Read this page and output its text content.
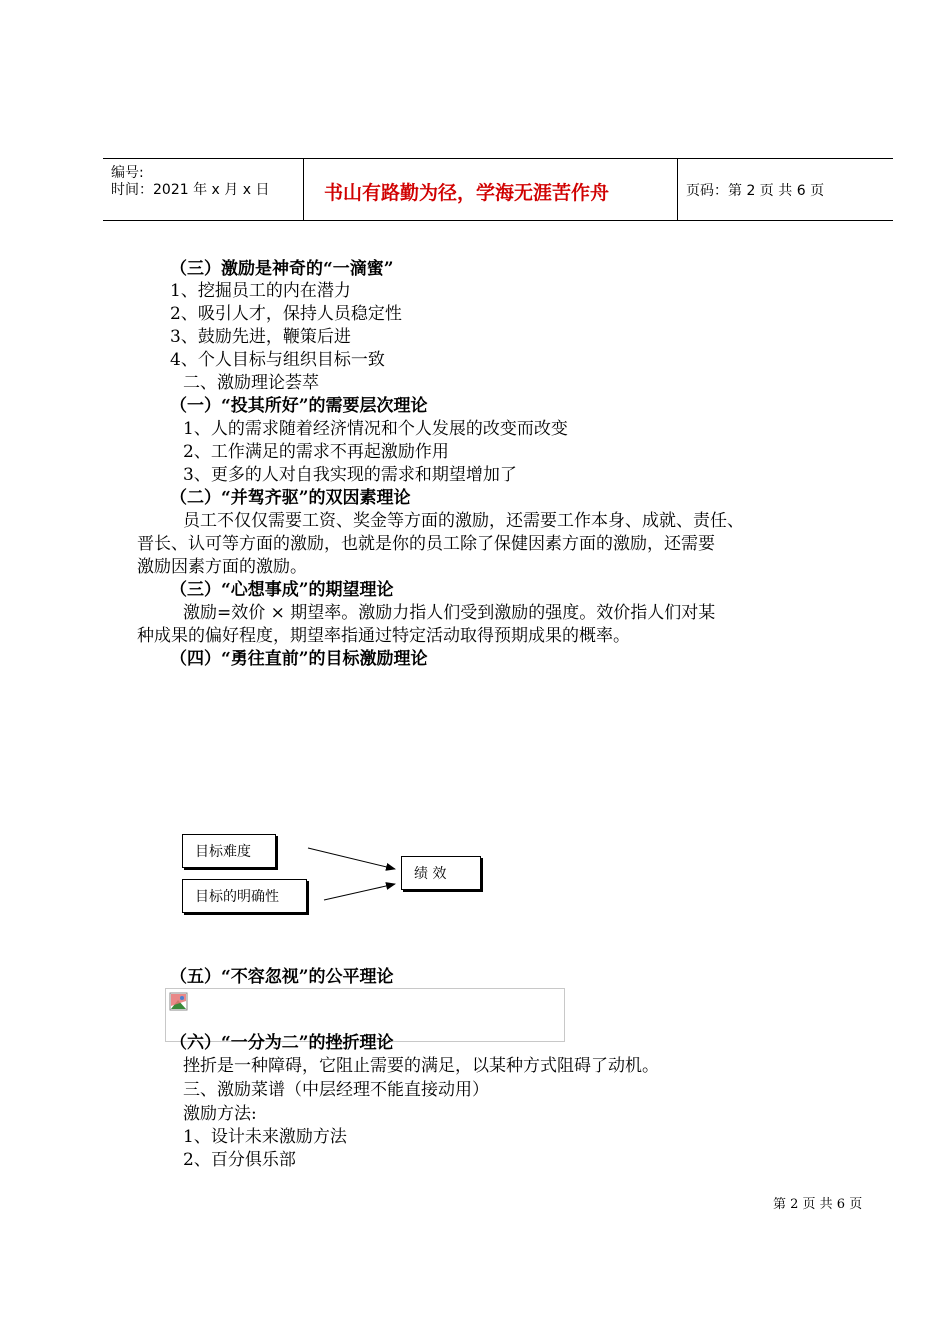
编号:
时间：2021 年 x 月 x 日	书山有路勤为径，学海无涯苦作舟	页码：第 2 页 共 6 页
（三）激励是神奇的“一滴蜜”
1、挖掘员工的内在潜力
2、吸引人才，保持人员稳定性
3、鼓励先进，鞭策后进
4、个人目标与组织目标一致
二、激励理论荟萃
（一）“投其所好”的需要层次理论
1、人的需求随着经济情况和个人发展的改变而改变
2、工作满足的需求不再起激励作用
3、更多的人对自我实现的需求和期望增加了
（二）“并驾齐驱”的双因素理论
员工不仅仅需要工资、奖金等方面的激励，还需要工作本身、成就、责任、
晋长、认可等方面的激励，也就是你的员工除了保健因素方面的激励，还需要
激励因素方面的激励。
（三）“心想事成”的期望理论
激励=效价 × 期望率。激励力指人们受到激励的强度。效价指人们对某
种成果的偏好程度，期望率指通过特定活动取得预期成果的概率。
（四）“勇往直前”的目标激励理论
目标难度
目标的明确性
绩 效
（五）“不容忽视”的公平理论
（六）“一分为二”的挫折理论
挫折是一种障碍，它阻止需要的满足，以某种方式阻碍了动机。
三、激励菜谱（中层经理不能直接动用）
激励方法:
1、设计未来激励方法
2、百分俱乐部
第 2 页 共 6 页
